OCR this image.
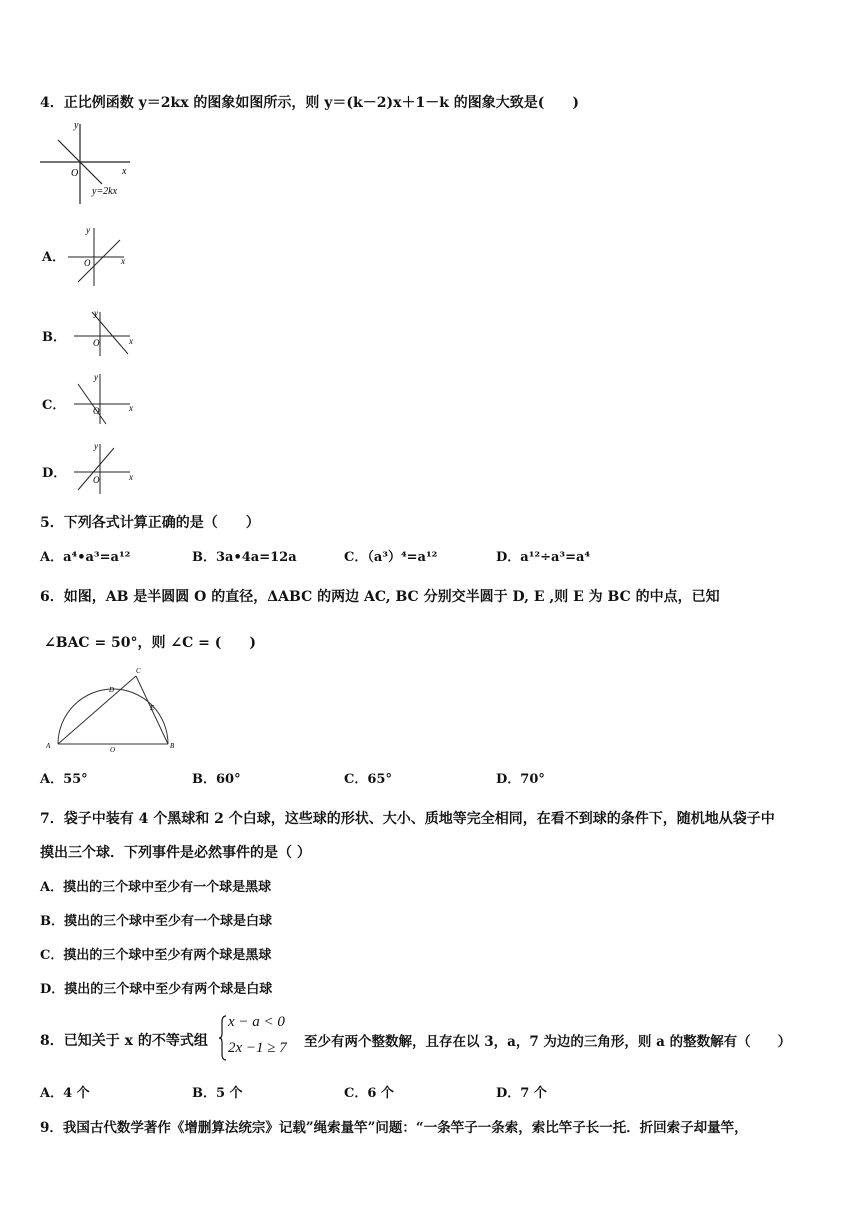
4．正比例函数 y＝2kx 的图象如图所示，则 y＝(k－2)x＋1－k 的图象大致是(　　)
y
x
O
y=2kx
A．
y
x
O
B．
y
x
O
C．
y
x
O
D．
y
x
O
5．下列各式计算正确的是（　　）
A．a⁴•a³=a¹²	B．3a•4a=12a	C．（a³）⁴=a¹²	D．a¹²÷a³=a⁴
6．如图，AB 是半圆圆 O 的直径，ΔABC 的两边 AC, BC 分别交半圆于 D, E ,则 E 为 BC 的中点，已知
∠BAC = 50°，则 ∠C = (　　)
A	B
C
D
E
O
A．55°	B．60°	C．65°	D．70°
7．袋子中装有 4 个黑球和 2 个白球，这些球的形状、大小、质地等完全相同，在看不到球的条件下，随机地从袋子中
摸出三个球．下列事件是必然事件的是（ ）
A．摸出的三个球中至少有一个球是黑球
B．摸出的三个球中至少有一个球是白球
C．摸出的三个球中至少有两个球是黑球
D．摸出的三个球中至少有两个球是白球
8．已知关于 x 的不等式组
x − a < 0
2x −1 ≥ 7 至少有两个整数解，且存在以 3，a，7 为边的三角形，则 a 的整数解有（　　）
A．4 个	B．5 个	C．6 个	D．7 个
9．我国古代数学著作《增删算法统宗》记载”绳索量竿”问题：“一条竿子一条索，索比竿子长一托．折回索子却量竿，
